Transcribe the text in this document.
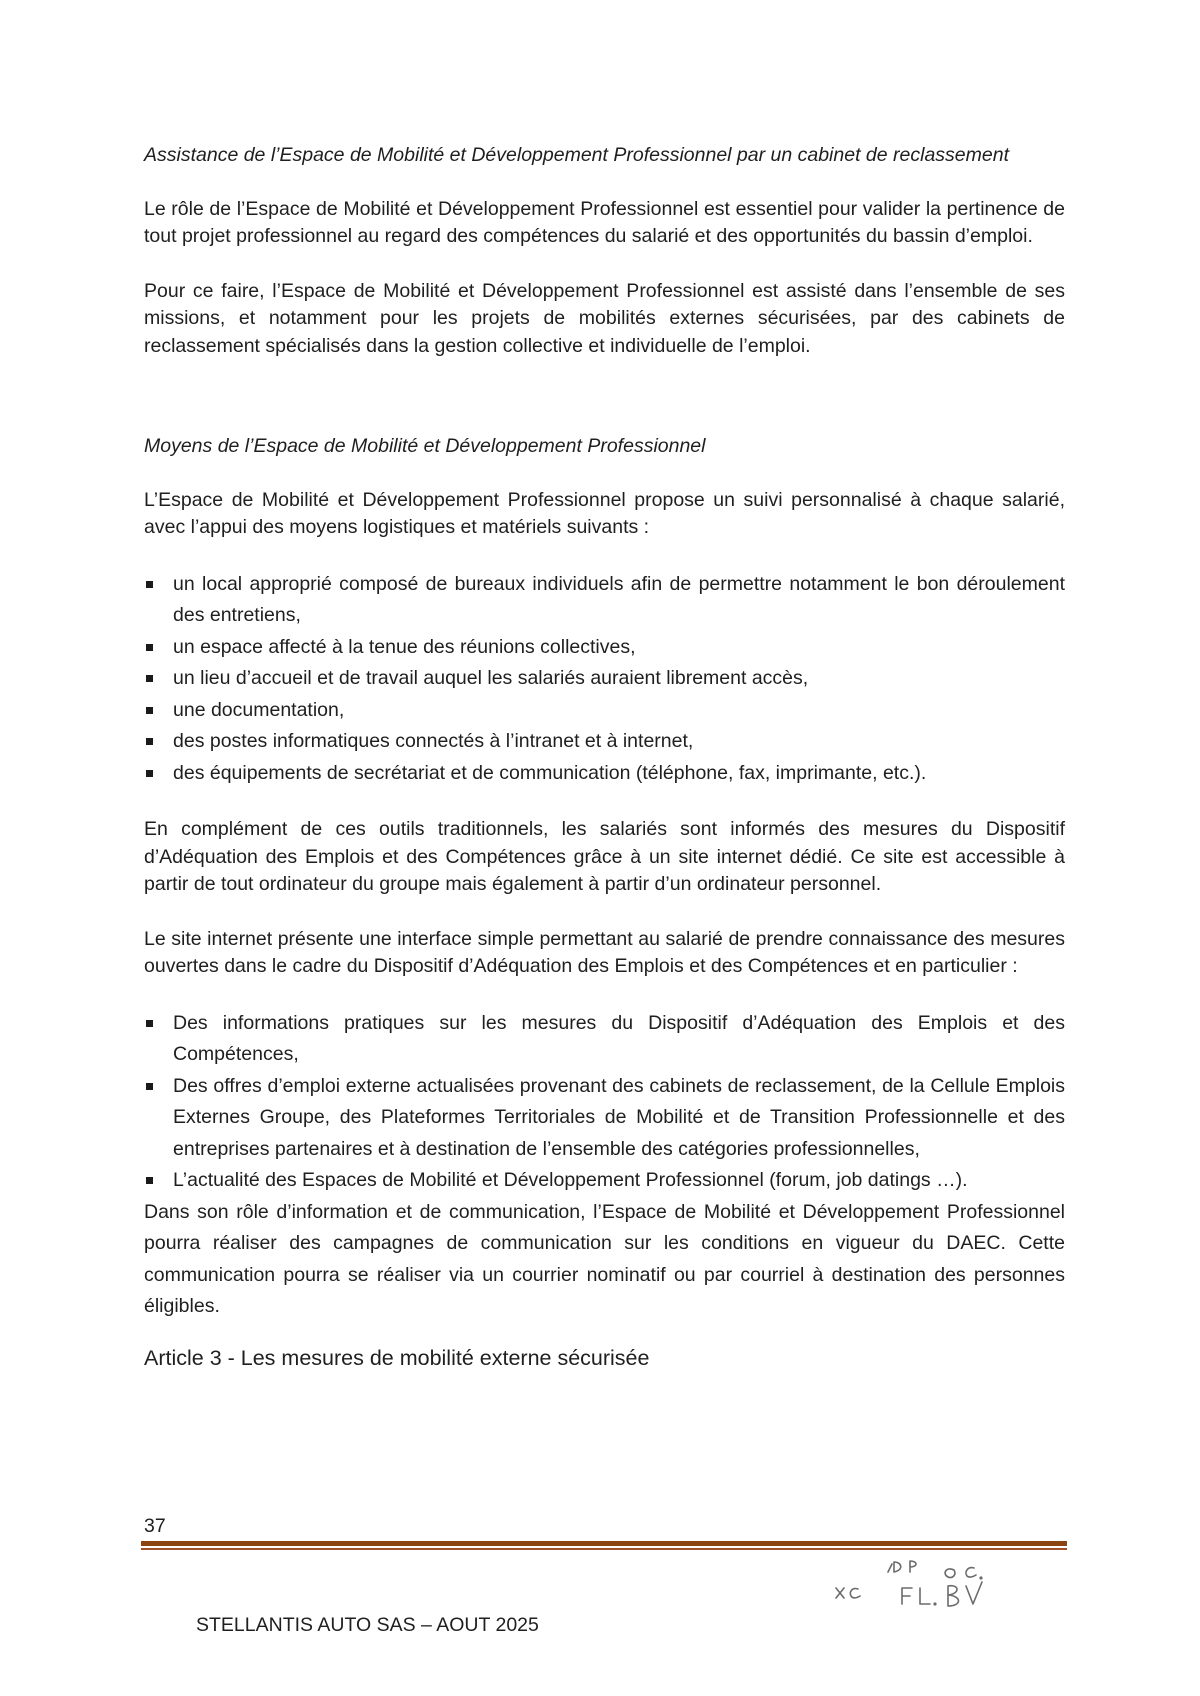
Assistance de l’Espace de Mobilité et Développement Professionnel par un cabinet de reclassement

Le rôle de l’Espace de Mobilité et Développement Professionnel est essentiel pour valider la pertinence de tout projet professionnel au regard des compétences du salarié et des opportunités du bassin d’emploi.

Pour ce faire, l’Espace de Mobilité et Développement Professionnel est assisté dans l’ensemble de ses missions, et notamment pour les projets de mobilités externes sécurisées, par des cabinets de reclassement spécialisés dans la gestion collective et individuelle de l’emploi.

Moyens de l’Espace de Mobilité et Développement Professionnel

L’Espace de Mobilité et Développement Professionnel propose un suivi personnalisé à chaque salarié, avec l’appui des moyens logistiques et matériels suivants :

un local approprié composé de bureaux individuels afin de permettre notamment le bon déroulement des entretiens,
un espace affecté à la tenue des réunions collectives,
un lieu d’accueil et de travail auquel les salariés auraient librement accès,
une documentation,
des postes informatiques connectés à l’intranet et à internet,
des équipements de secrétariat et de communication (téléphone, fax, imprimante, etc.).

En complément de ces outils traditionnels, les salariés sont informés des mesures du Dispositif d’Adéquation des Emplois et des Compétences grâce à un site internet dédié. Ce site est accessible à partir de tout ordinateur du groupe mais également à partir d’un ordinateur personnel.

Le site internet présente une interface simple permettant au salarié de prendre connaissance des mesures ouvertes dans le cadre du Dispositif d’Adéquation des Emplois et des Compétences et en particulier :

Des informations pratiques sur les mesures du Dispositif d’Adéquation des Emplois et des Compétences,
Des offres d’emploi externe actualisées provenant des cabinets de reclassement, de la Cellule Emplois Externes Groupe, des Plateformes Territoriales de Mobilité et de Transition Professionnelle et des entreprises partenaires et à destination de l’ensemble des catégories professionnelles,
L’actualité des Espaces de Mobilité et Développement Professionnel (forum, job datings …).

Dans son rôle d’information et de communication, l’Espace de Mobilité et Développement Professionnel pourra réaliser des campagnes de communication sur les conditions en vigueur du DAEC. Cette communication pourra se réaliser via un courrier nominatif ou par courriel à destination des personnes éligibles.

Article 3 - Les mesures de mobilité externe sécurisée
37
STELLANTIS AUTO SAS – AOUT 2025
